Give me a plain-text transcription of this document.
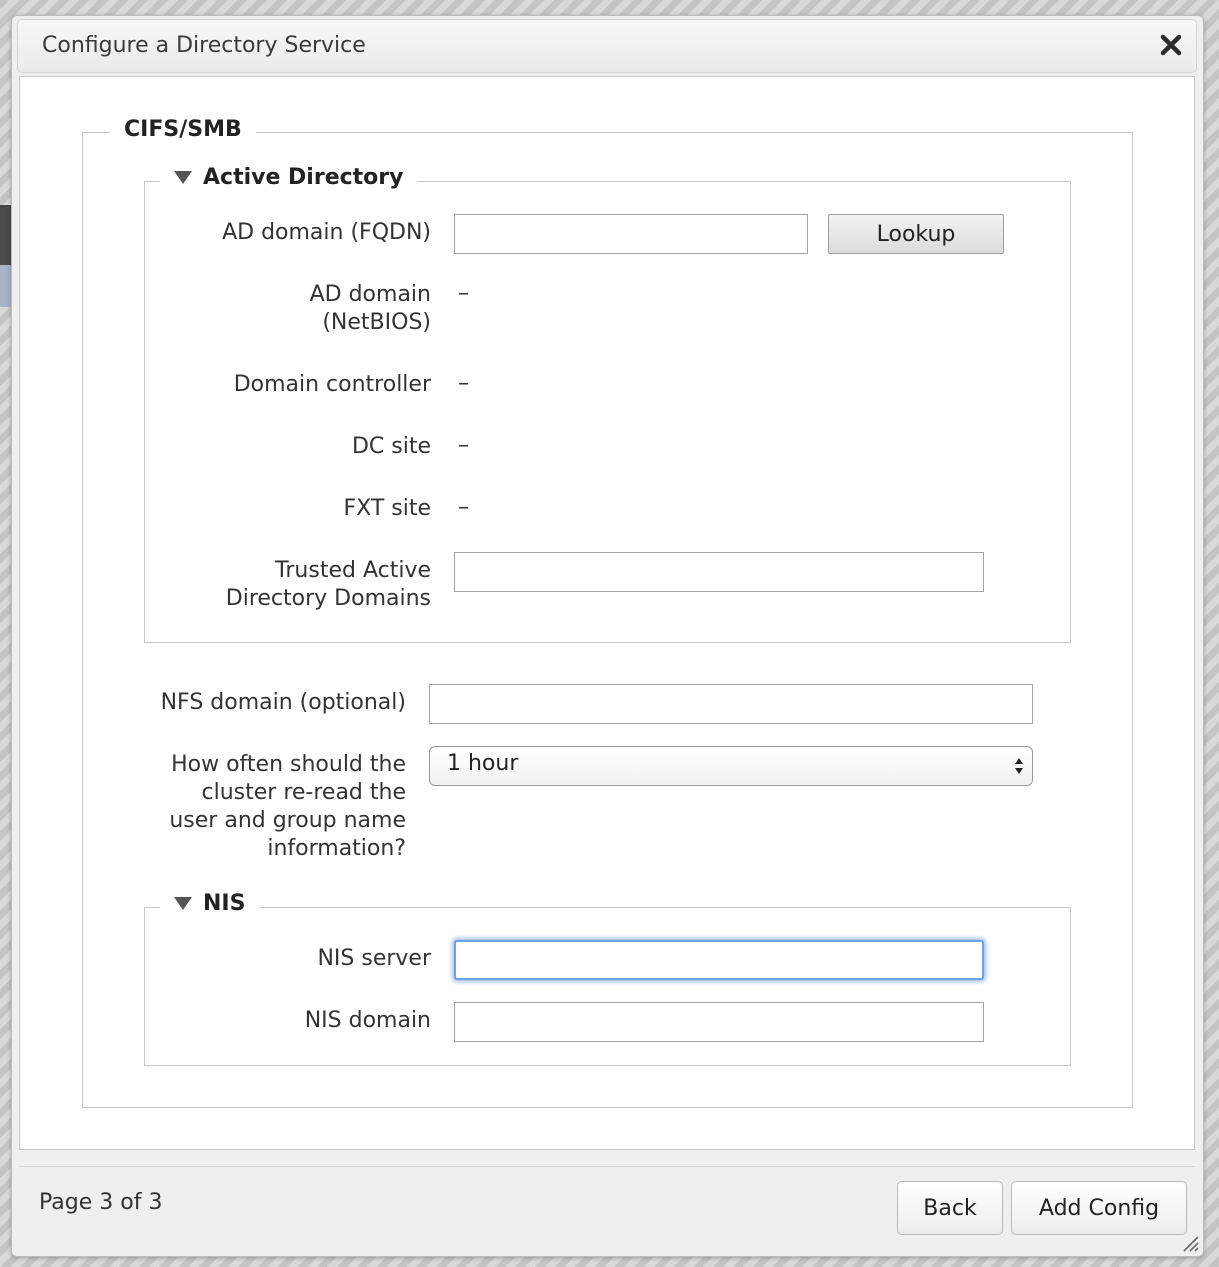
Configure a Directory Service
CIFS/SMB
Active Directory
AD domain (FQDN)	Lookup
AD domain
(NetBIOS)
–
Domain controller –
DC site –
FXT site –
Trusted Active
Directory Domains
NFS domain (optional)
How often should the
cluster re-read the
user and group name
information?
1 hour
NIS
NIS server
NIS domain
Page 3 of 3	Back	Add Config
